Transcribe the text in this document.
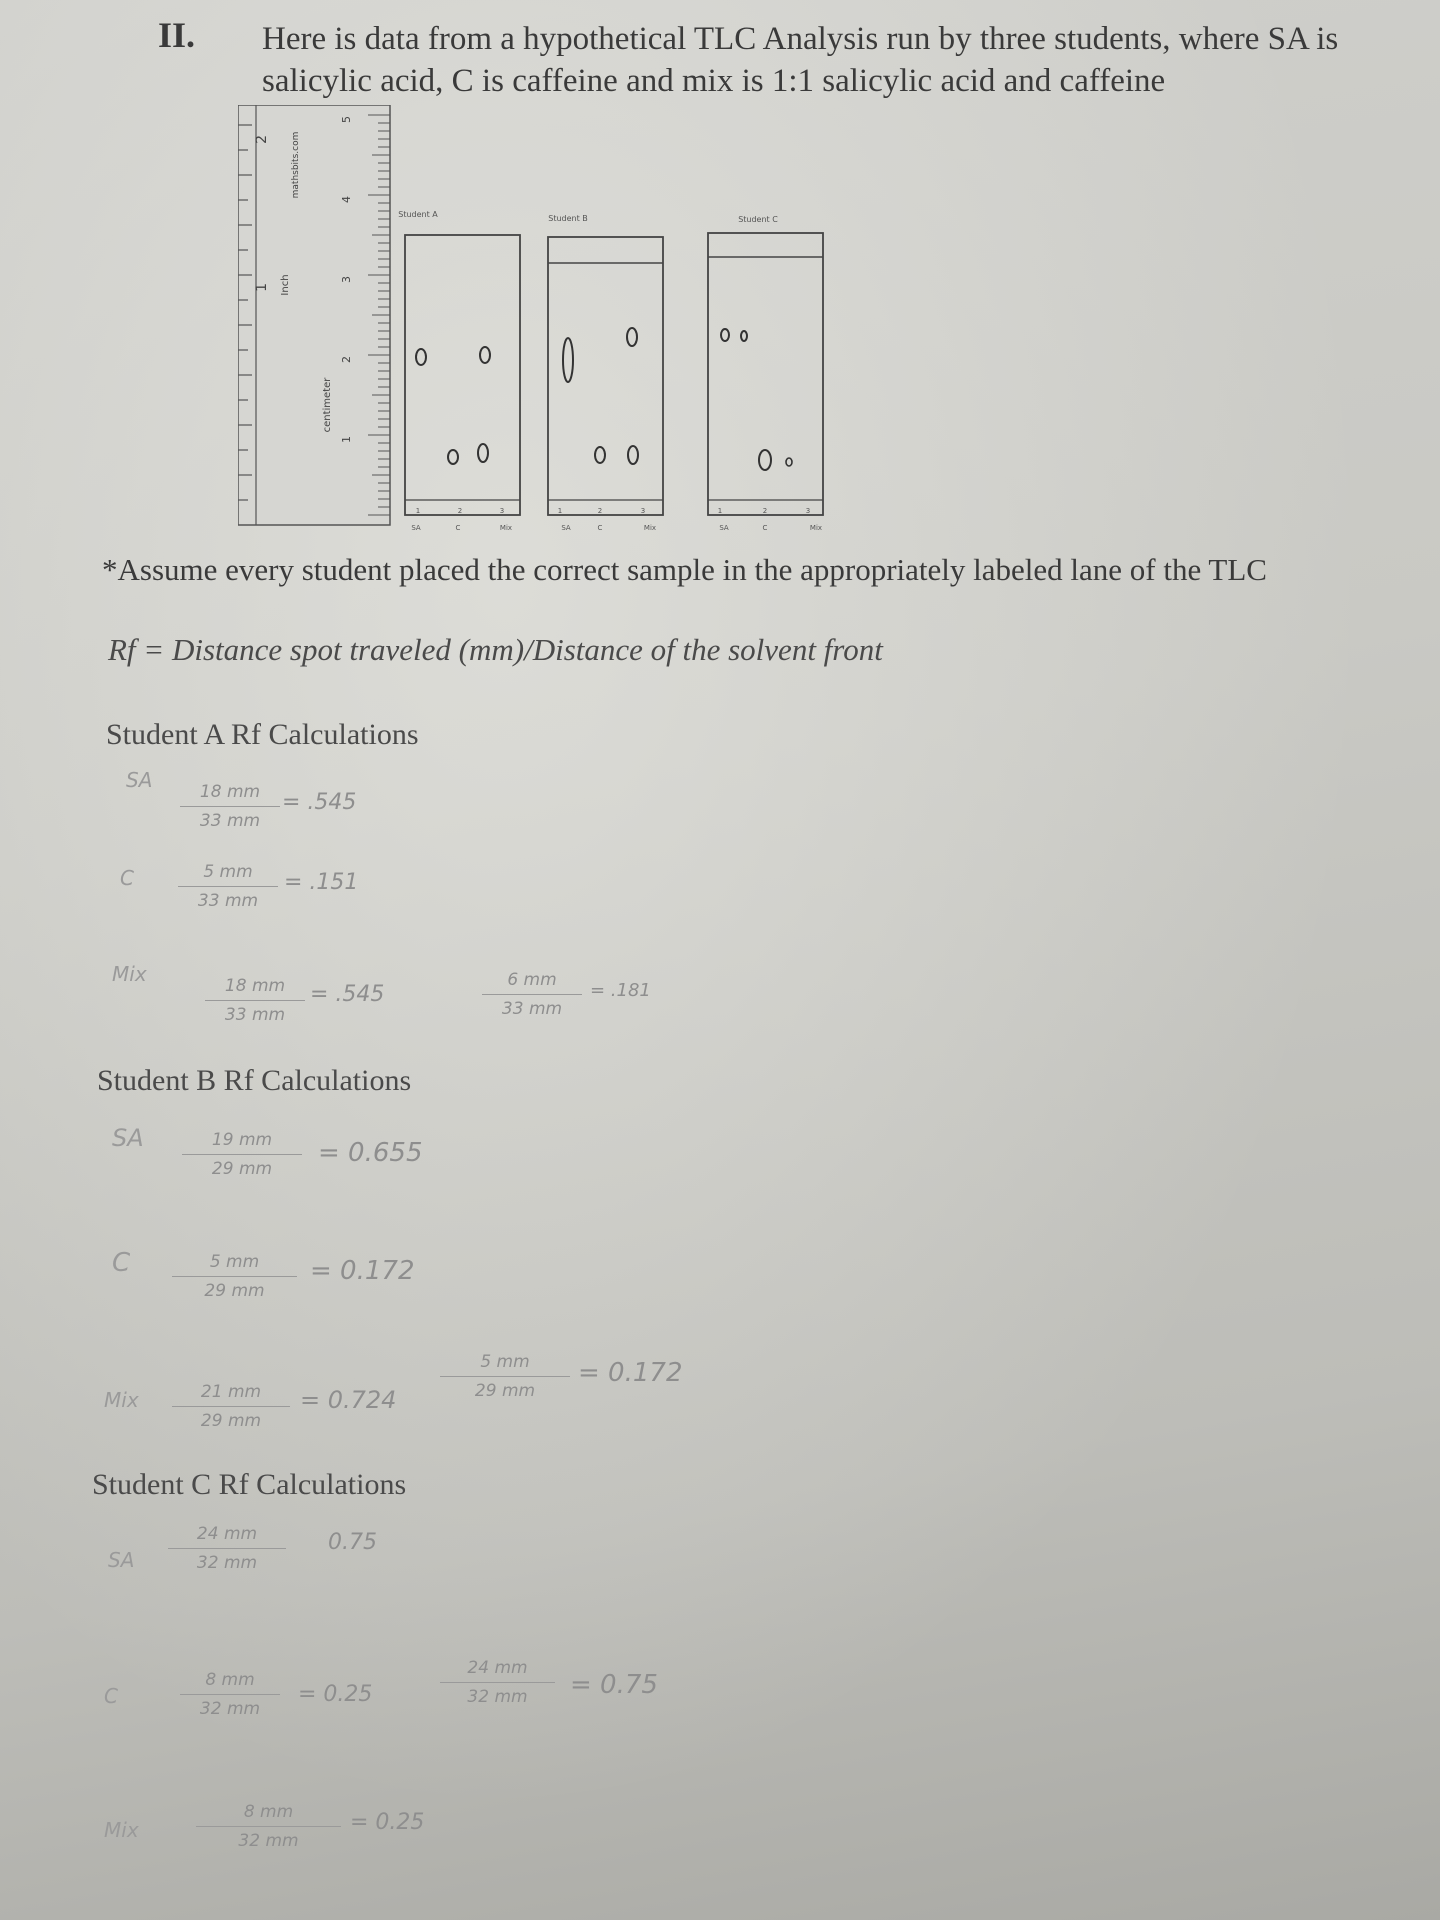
II. Here is data from a hypothetical TLC Analysis run by three students, where SA is
salicylic acid, C is caffeine and mix is 1:1 salicylic acid and caffeine
2
1 Inch
mathsbits.com
centimeter
1
2
3
4
5
Student A
1	2	3
SA	C	Mix
Student B
1	2	3
SA	C	Mix
Student C
1	2	3
SA	C	Mix
*Assume every student placed the correct sample in the appropriately labeled lane of the TLC
Rf = Distance spot traveled (mm)/Distance of the solvent front
Student A Rf Calculations
SA	18 mm
33 mm
= .545
C	5 mm
33 mm
= .151
Mix	18 mm
33 mm
= .545
6 mm
33 mm
= .181
Student B Rf Calculations
SA	19 mm
29 mm
= 0.655
C	5 mm
29 mm
= 0.172
Mix	21 mm
29 mm
= 0.724
5 mm
29 mm
= 0.172
Student C Rf Calculations
SA
24 mm
32 mm
0.75
C
8 mm
32 mm
= 0.25
24 mm
32 mm	= 0.75
Mix
8 mm
32 mm
= 0.25
